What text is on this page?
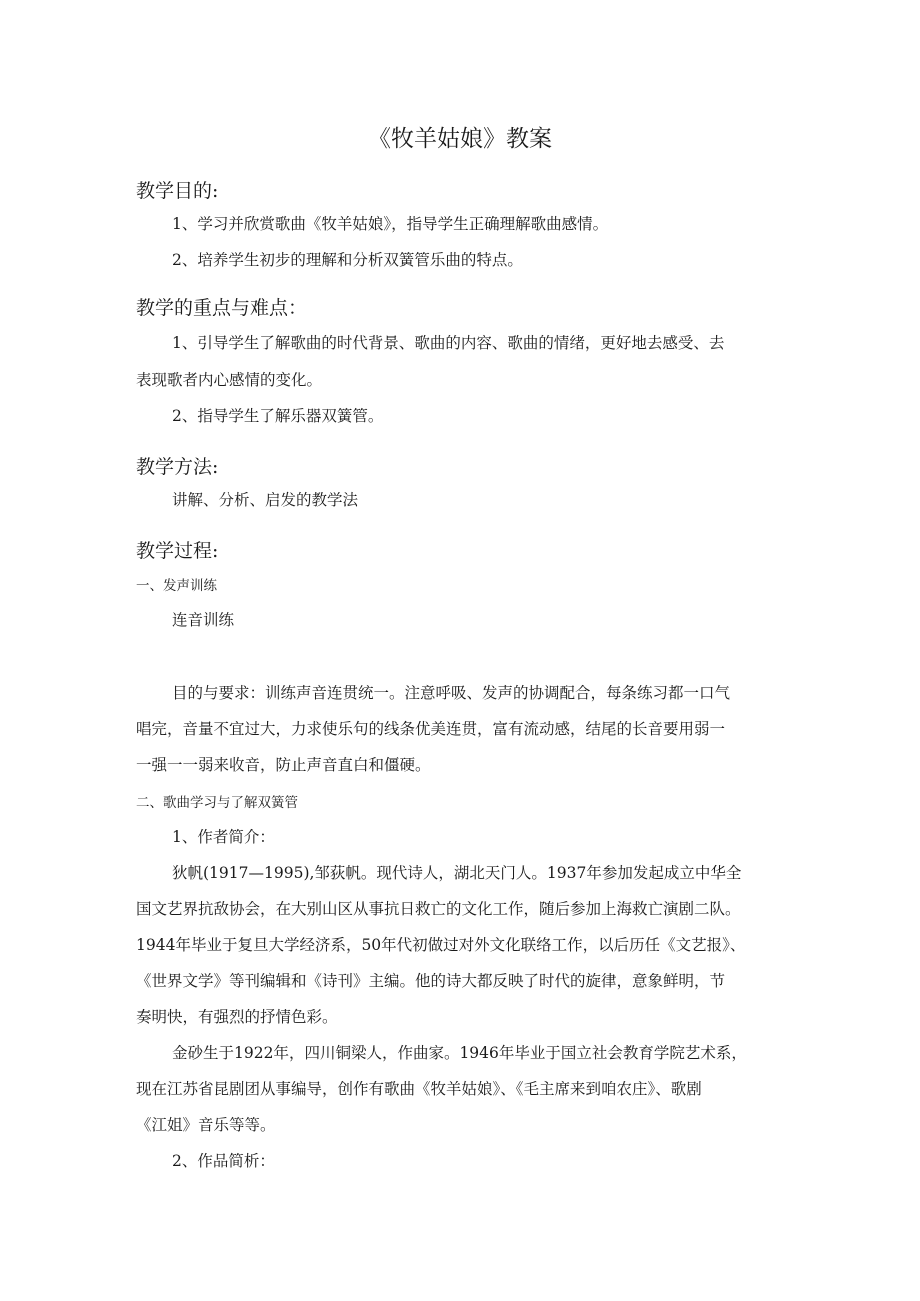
《牧羊姑娘》教案
教学目的:
1、学习并欣赏歌曲《牧羊姑娘》，指导学生正确理解歌曲感情。
2、培养学生初步的理解和分析双簧管乐曲的特点。
教学的重点与难点：
1、引导学生了解歌曲的时代背景、歌曲的内容、歌曲的情绪，更好地去感受、去
表现歌者内心感情的变化。
2、指导学生了解乐器双簧管。
教学方法:
讲解、分析、启发的教学法
教学过程:
一、发声训练
连音训练
目的与要求：训练声音连贯统一。注意呼吸、发声的协调配合，每条练习都一口气
唱完，音量不宜过大，力求使乐句的线条优美连贯，富有流动感，结尾的长音要用弱一
一强一一弱来收音，防止声音直白和僵硬。
二、歌曲学习与了解双簧管
1、作者简介：
狄帆(1917—1995),邹荻帆。现代诗人，湖北天门人。1937年参加发起成立中华全
国文艺界抗敌协会，在大别山区从事抗日救亡的文化工作，随后参加上海救亡演剧二队。
1944年毕业于复旦大学经济系，50年代初做过对外文化联络工作，以后历任《文艺报》、
《世界文学》等刊编辑和《诗刊》主编。他的诗大都反映了时代的旋律，意象鲜明，节
奏明快，有强烈的抒情色彩。
金砂生于1922年，四川铜梁人，作曲家。1946年毕业于国立社会教育学院艺术系，
现在江苏省昆剧团从事编导，创作有歌曲《牧羊姑娘》、《毛主席来到咱农庄》、歌剧
《江姐》音乐等等。
2、作品简析：
